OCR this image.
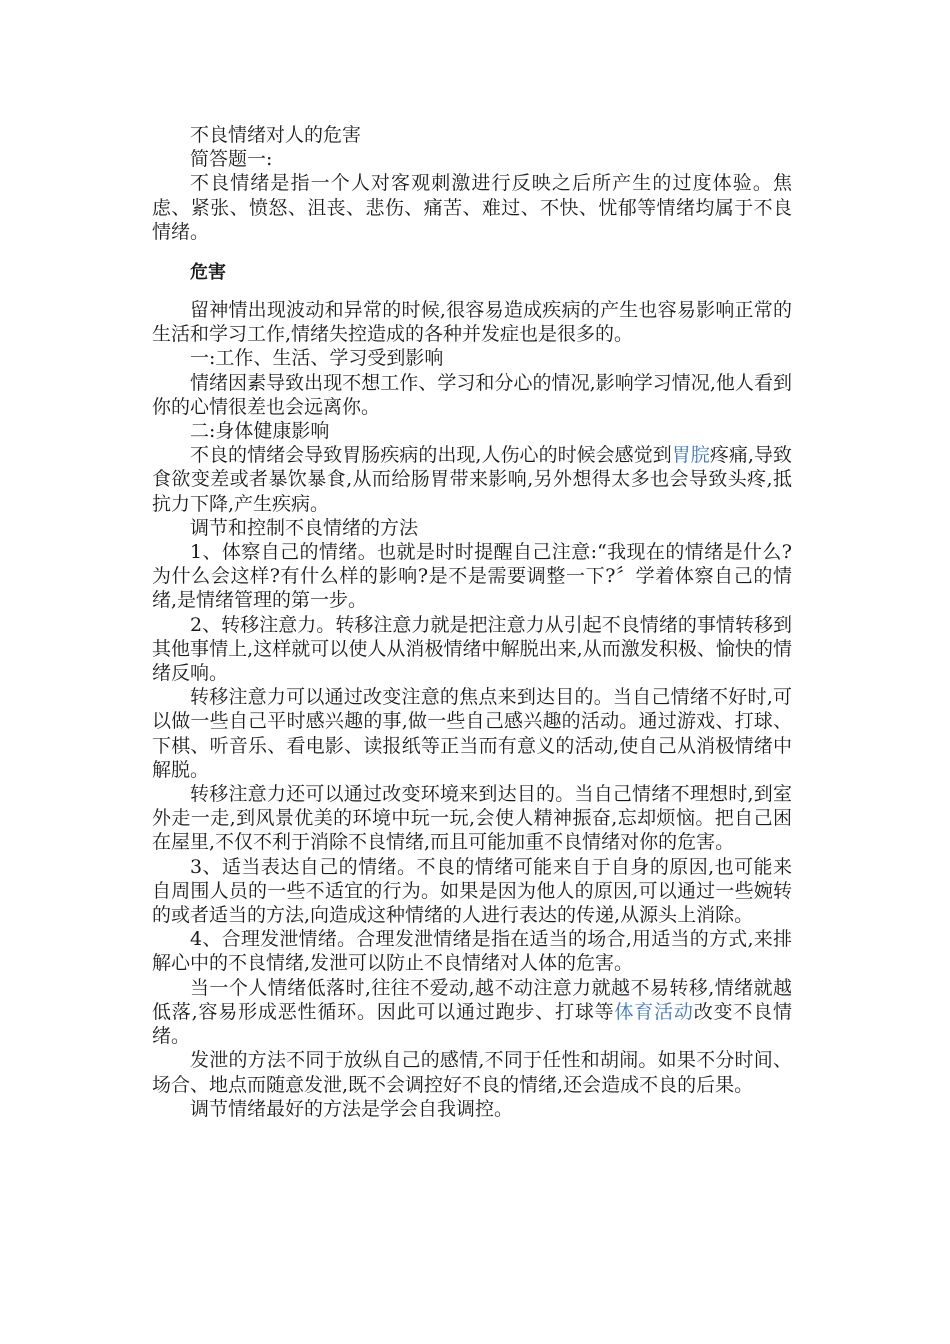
不良情绪对人的危害

简答题一:

不良情绪是指一个人对客观刺激进行反映之后所产生的过度体验。焦虑、紧张、愤怒、沮丧、悲伤、痛苦、难过、不快、忧郁等情绪均属于不良情绪。

危害

留神情出现波动和异常的时候,很容易造成疾病的产生也容易影响正常的生活和学习工作,情绪失控造成的各种并发症也是很多的。

一:工作、生活、学习受到影响

情绪因素导致出现不想工作、学习和分心的情况,影响学习情况,他人看到你的心情很差也会远离你。

二:身体健康影响

不良的情绪会导致胃肠疾病的出现,人伤心的时候会感觉到胃脘疼痛,导致食欲变差或者暴饮暴食,从而给肠胃带来影响,另外想得太多也会导致头疼,抵抗力下降,产生疾病。

调节和控制不良情绪的方法

1、体察自己的情绪。也就是时时提醒自己注意:“我现在的情绪是什么?为什么会这样?有什么样的影响?是不是需要调整一下?〞学着体察自己的情绪,是情绪管理的第一步。

2、转移注意力。转移注意力就是把注意力从引起不良情绪的事情转移到其他事情上,这样就可以使人从消极情绪中解脱出来,从而激发积极、愉快的情绪反响。

转移注意力可以通过改变注意的焦点来到达目的。当自己情绪不好时,可以做一些自己平时感兴趣的事,做一些自己感兴趣的活动。通过游戏、打球、下棋、听音乐、看电影、读报纸等正当而有意义的活动,使自己从消极情绪中解脱。

转移注意力还可以通过改变环境来到达目的。当自己情绪不理想时,到室外走一走,到风景优美的环境中玩一玩,会使人精神振奋,忘却烦恼。把自己困在屋里,不仅不利于消除不良情绪,而且可能加重不良情绪对你的危害。

3、适当表达自己的情绪。不良的情绪可能来自于自身的原因,也可能来自周围人员的一些不适宜的行为。如果是因为他人的原因,可以通过一些婉转的或者适当的方法,向造成这种情绪的人进行表达的传递,从源头上消除。

4、合理发泄情绪。合理发泄情绪是指在适当的场合,用适当的方式,来排解心中的不良情绪,发泄可以防止不良情绪对人体的危害。

当一个人情绪低落时,往往不爱动,越不动注意力就越不易转移,情绪就越低落,容易形成恶性循环。因此可以通过跑步、打球等体育活动改变不良情绪。

发泄的方法不同于放纵自己的感情,不同于任性和胡闹。如果不分时间、场合、地点而随意发泄,既不会调控好不良的情绪,还会造成不良的后果。

调节情绪最好的方法是学会自我调控。
